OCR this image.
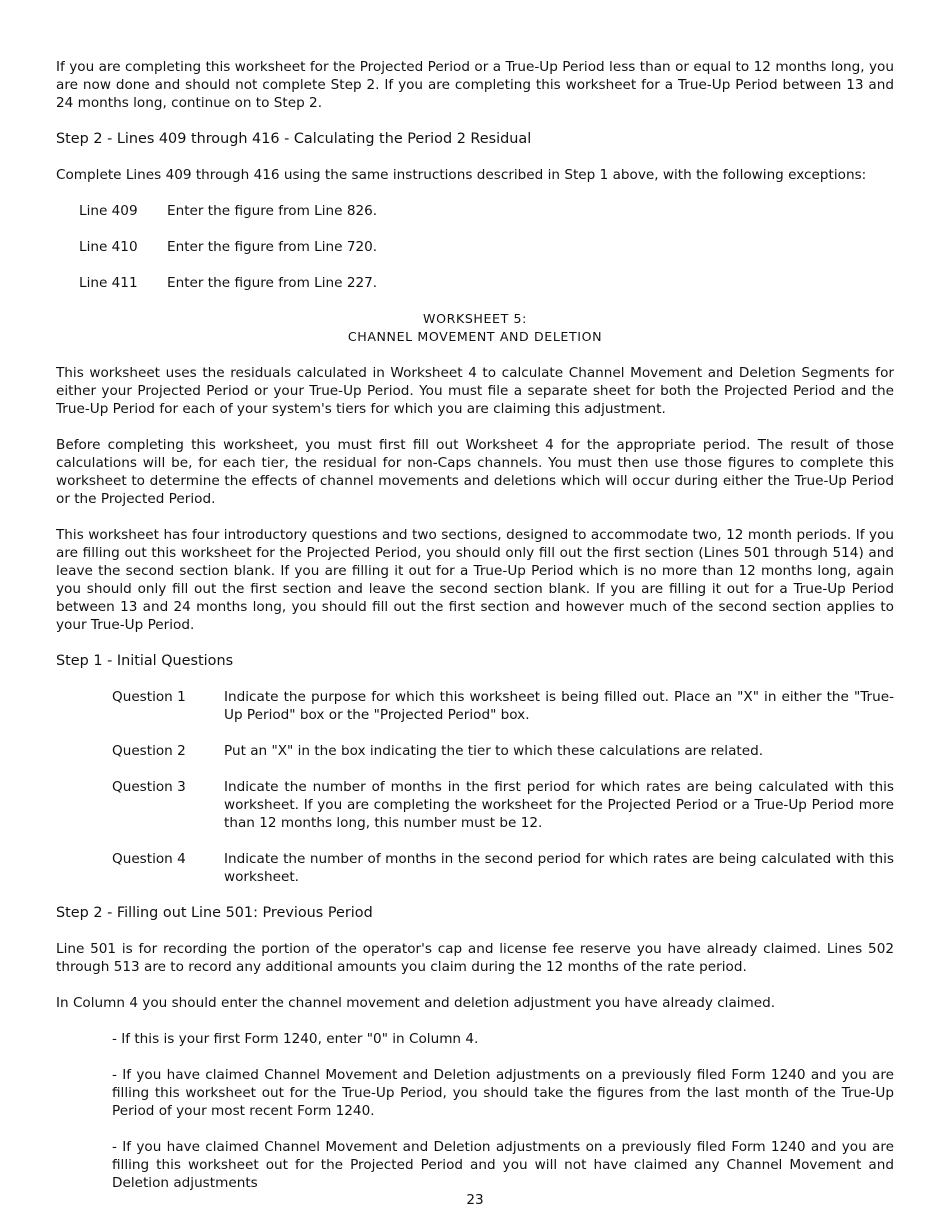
If you are completing this worksheet for the Projected Period or a True-Up Period less than or equal to 12 months long, you are now done and should not complete Step 2. If you are completing this worksheet for a True-Up Period between 13 and 24 months long, continue on to Step 2.

Step 2 - Lines 409 through 416 - Calculating the Period 2 Residual

Complete Lines 409 through 416 using the same instructions described in Step 1 above, with the following exceptions:

Line 409	Enter the figure from Line 826.
Line 410	Enter the figure from Line 720.
Line 411	Enter the figure from Line 227.
WORKSHEET 5:
CHANNEL MOVEMENT AND DELETION

This worksheet uses the residuals calculated in Worksheet 4 to calculate Channel Movement and Deletion Segments for either your Projected Period or your True-Up Period. You must file a separate sheet for both the Projected Period and the True-Up Period for each of your system's tiers for which you are claiming this adjustment.

Before completing this worksheet, you must first fill out Worksheet 4 for the appropriate period. The result of those calculations will be, for each tier, the residual for non-Caps channels. You must then use those figures to complete this worksheet to determine the effects of channel movements and deletions which will occur during either the True-Up Period or the Projected Period.

This worksheet has four introductory questions and two sections, designed to accommodate two, 12 month periods. If you are filling out this worksheet for the Projected Period, you should only fill out the first section (Lines 501 through 514) and leave the second section blank. If you are filling it out for a True-Up Period which is no more than 12 months long, again you should only fill out the first section and leave the second section blank. If you are filling it out for a True-Up Period between 13 and 24 months long, you should fill out the first section and however much of the second section applies to your True-Up Period.

Step 1 - Initial Questions

Question 1	Indicate the purpose for which this worksheet is being filled out. Place an "X" in either the "True-Up Period" box or the "Projected Period" box.
Question 2	Put an "X" in the box indicating the tier to which these calculations are related.
Question 3	Indicate the number of months in the first period for which rates are being calculated with this worksheet. If you are completing the worksheet for the Projected Period or a True-Up Period more than 12 months long, this number must be 12.
Question 4	Indicate the number of months in the second period for which rates are being calculated with this worksheet.

Step 2 - Filling out Line 501: Previous Period

Line 501 is for recording the portion of the operator's cap and license fee reserve you have already claimed. Lines 502 through 513 are to record any additional amounts you claim during the 12 months of the rate period.

In Column 4 you should enter the channel movement and deletion adjustment you have already claimed.

- If this is your first Form 1240, enter "0" in Column 4.

- If you have claimed Channel Movement and Deletion adjustments on a previously filed Form 1240 and you are filling this worksheet out for the True-Up Period, you should take the figures from the last month of the True-Up Period of your most recent Form 1240.

- If you have claimed Channel Movement and Deletion adjustments on a previously filed Form 1240 and you are filling this worksheet out for the Projected Period and you will not have claimed any Channel Movement and Deletion adjustments

23
